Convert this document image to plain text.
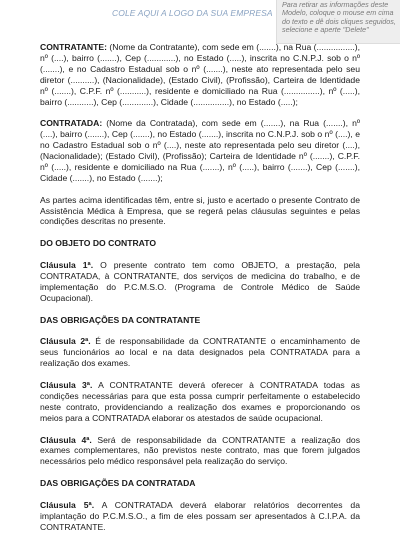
COLE AQUI A LOGO DA SUA EMPRESA
Para retirar as informações deste Modelo, coloque o mouse em cima do texto e dê dois cliques seguidos, selecione e aperte "Delete"

CONTRATANTE: (Nome da Contratante), com sede em (.......), na Rua (................), nº (....), bairro (.......), Cep (............), no Estado (.....), inscrita no C.N.P.J. sob o nº (.......), e no Cadastro Estadual sob o nº (.......), neste ato representada pelo seu diretor (..........), (Nacionalidade), (Estado Civil), (Profissão), Carteira de Identidade nº (.......), C.P.F. nº (...........), residente e domiciliado na Rua (...............), nº (.....), bairro (...........), Cep (.............), Cidade (...............), no Estado (.....);

CONTRATADA: (Nome da Contratada), com sede em (.......), na Rua (.......), nº (....), bairro (.......), Cep (.......), no Estado (.......), inscrita no C.N.P.J. sob o nº (....), e no Cadastro Estadual sob o nº (....), neste ato representada pelo seu diretor (....), (Nacionalidade); (Estado Civil), (Profissão); Carteira de Identidade nº (.......), C.P.F. nº (.....), residente e domiciliado na Rua (.......), nº (.....), bairro (.......), Cep (.......), Cidade (.......), no Estado (.......);

As partes acima identificadas têm, entre si, justo e acertado o presente Contrato de Assistência Médica à Empresa, que se regerá pelas cláusulas seguintes e pelas condições descritas no presente.

DO OBJETO DO CONTRATO

Cláusula 1ª. O presente contrato tem como OBJETO, a prestação, pela CONTRATADA, à CONTRATANTE, dos serviços de medicina do trabalho, e de implementação do P.C.M.S.O. (Programa de Controle Médico de Saúde Ocupacional).

DAS OBRIGAÇÕES DA CONTRATANTE

Cláusula 2ª. É de responsabilidade da CONTRATANTE o encaminhamento de seus funcionários ao local e na data designados pela CONTRATADA para a realização dos exames.

Cláusula 3ª. A CONTRATANTE deverá oferecer à CONTRATADA todas as condições necessárias para que esta possa cumprir perfeitamente o estabelecido neste contrato, providenciando a realização dos exames e proporcionando os meios para a CONTRATADA elaborar os atestados de saúde ocupacional.

Cláusula 4ª. Será de responsabilidade da CONTRATANTE a realização dos exames complementares, não previstos neste contrato, mas que forem julgados necessários pelo médico responsável pela realização do serviço.

DAS OBRIGAÇÕES DA CONTRATADA

Cláusula 5ª. A CONTRATADA deverá elaborar relatórios decorrentes da implantação do P.C.M.S.O., a fim de eles possam ser apresentados à C.I.P.A. da CONTRATANTE.
